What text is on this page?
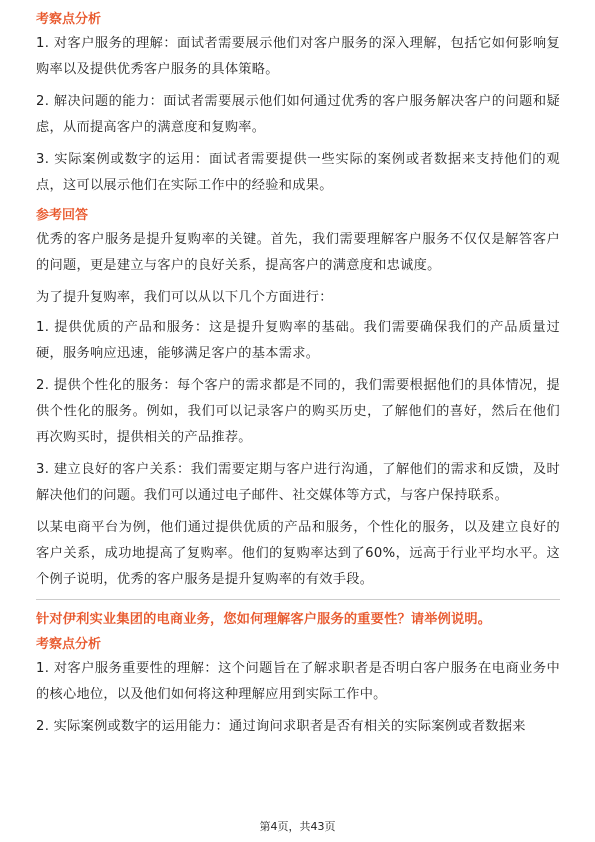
考察点分析
1. 对客户服务的理解：面试者需要展示他们对客户服务的深入理解，包括它如何影响复购率以及提供优秀客户服务的具体策略。
2. 解决问题的能力：面试者需要展示他们如何通过优秀的客户服务解决客户的问题和疑虑，从而提高客户的满意度和复购率。
3. 实际案例或数字的运用：面试者需要提供一些实际的案例或者数据来支持他们的观点，这可以展示他们在实际工作中的经验和成果。
参考回答
优秀的客户服务是提升复购率的关键。首先，我们需要理解客户服务不仅仅是解答客户的问题，更是建立与客户的良好关系，提高客户的满意度和忠诚度。
为了提升复购率，我们可以从以下几个方面进行：
1. 提供优质的产品和服务：这是提升复购率的基础。我们需要确保我们的产品质量过硬，服务响应迅速，能够满足客户的基本需求。
2. 提供个性化的服务：每个客户的需求都是不同的，我们需要根据他们的具体情况，提供个性化的服务。例如，我们可以记录客户的购买历史，了解他们的喜好，然后在他们再次购买时，提供相关的产品推荐。
3. 建立良好的客户关系：我们需要定期与客户进行沟通，了解他们的需求和反馈，及时解决他们的问题。我们可以通过电子邮件、社交媒体等方式，与客户保持联系。
以某电商平台为例，他们通过提供优质的产品和服务，个性化的服务，以及建立良好的客户关系，成功地提高了复购率。他们的复购率达到了60%，远高于行业平均水平。这个例子说明，优秀的客户服务是提升复购率的有效手段。
针对伊利实业集团的电商业务，您如何理解客户服务的重要性？请举例说明。
考察点分析
1. 对客户服务重要性的理解：这个问题旨在了解求职者是否明白客户服务在电商业务中的核心地位，以及他们如何将这种理解应用到实际工作中。
2. 实际案例或数字的运用能力：通过询问求职者是否有相关的实际案例或者数据来
第4页，共43页
